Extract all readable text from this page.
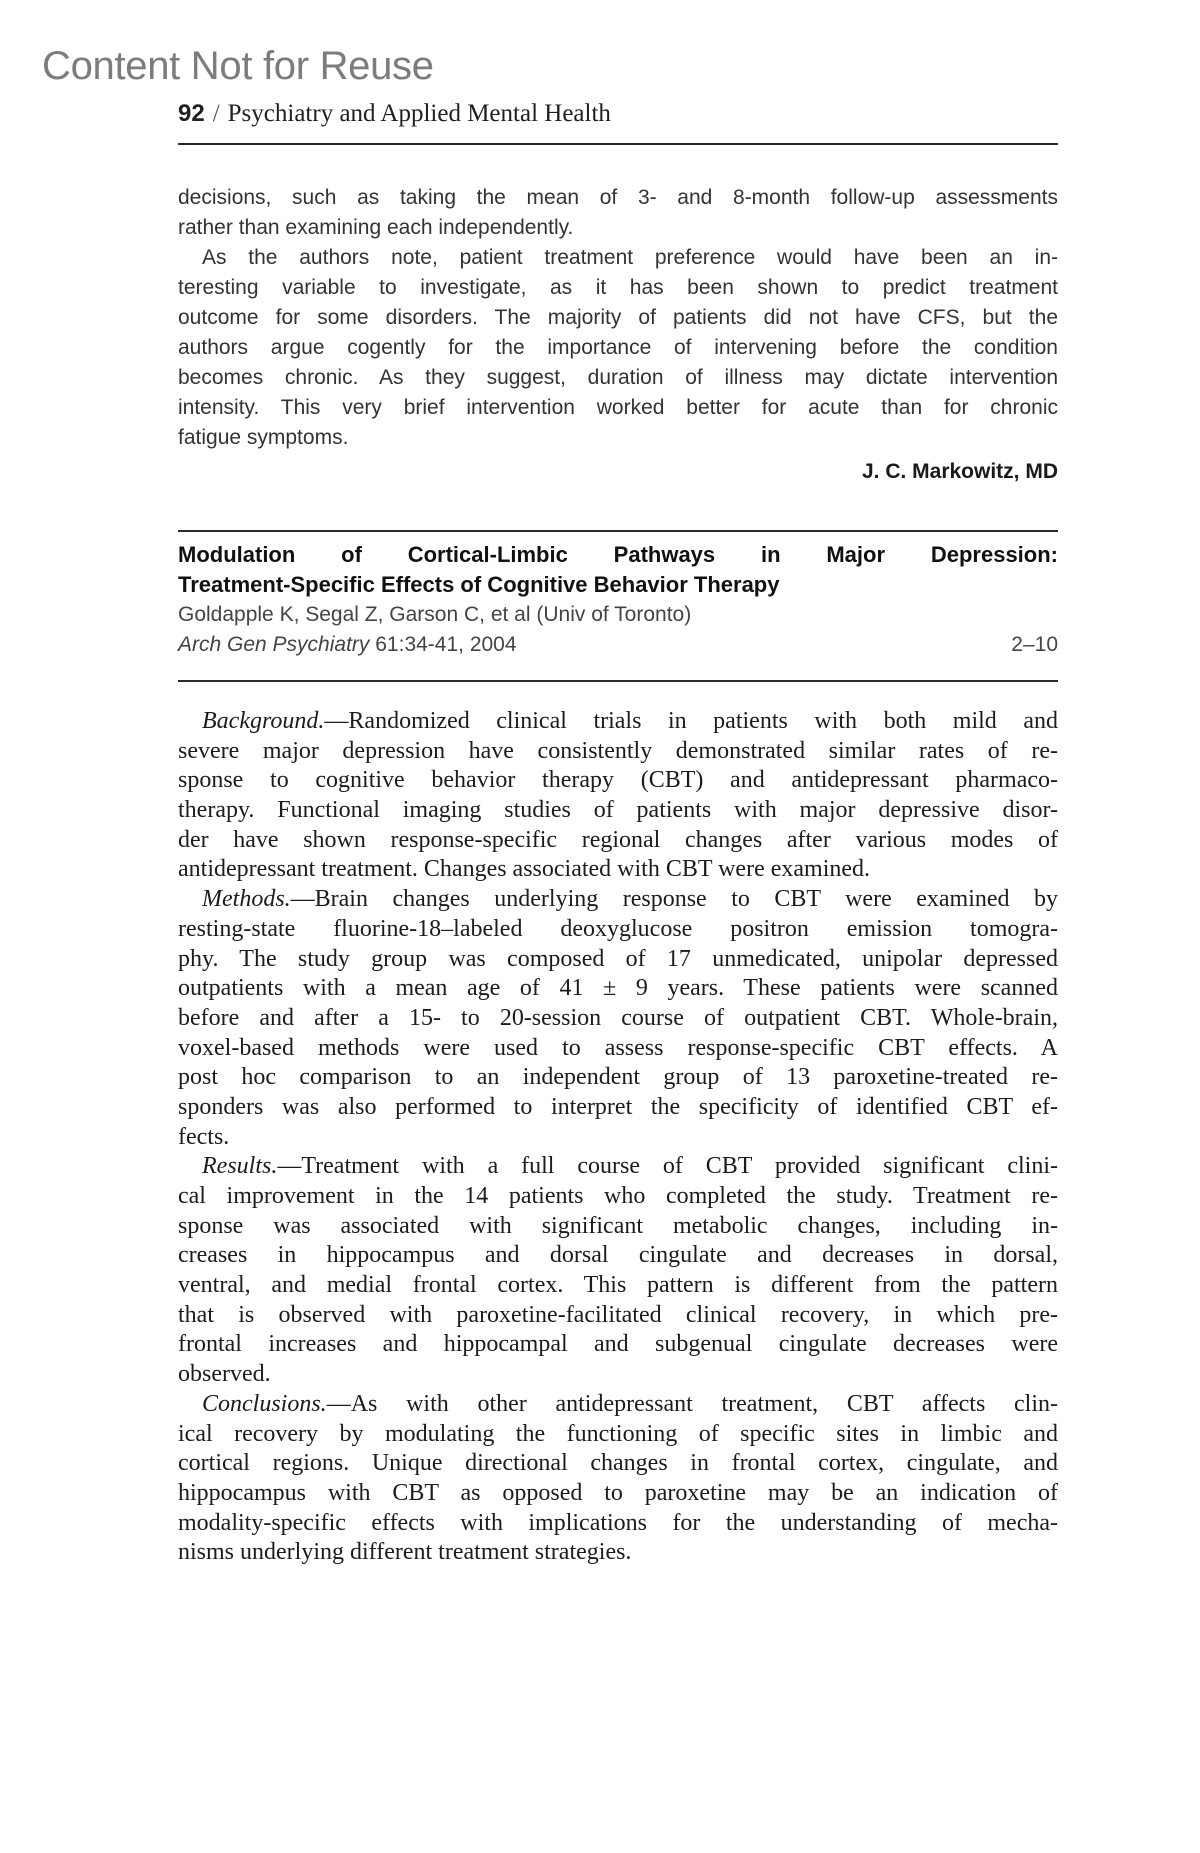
Content Not for Reuse
92 / Psychiatry and Applied Mental Health
decisions, such as taking the mean of 3- and 8-month follow-up assessments
rather than examining each independently.
As the authors note, patient treatment preference would have been an in-
teresting variable to investigate, as it has been shown to predict treatment
outcome for some disorders. The majority of patients did not have CFS, but the
authors argue cogently for the importance of intervening before the condition
becomes chronic. As they suggest, duration of illness may dictate intervention
intensity. This very brief intervention worked better for acute than for chronic
fatigue symptoms.
J. C. Markowitz, MD
Modulation of Cortical-Limbic Pathways in Major Depression:
Treatment-Specific Effects of Cognitive Behavior Therapy
Goldapple K, Segal Z, Garson C, et al (Univ of Toronto)
Arch Gen Psychiatry 61:34-41, 2004	2–10
Background.—Randomized clinical trials in patients with both mild and
severe major depression have consistently demonstrated similar rates of re-
sponse to cognitive behavior therapy (CBT) and antidepressant pharmaco-
therapy. Functional imaging studies of patients with major depressive disor-
der have shown response-specific regional changes after various modes of
antidepressant treatment. Changes associated with CBT were examined.
Methods.—Brain changes underlying response to CBT were examined by
resting-state fluorine-18–labeled deoxyglucose positron emission tomogra-
phy. The study group was composed of 17 unmedicated, unipolar depressed
outpatients with a mean age of 41 ± 9 years. These patients were scanned
before and after a 15- to 20-session course of outpatient CBT. Whole-brain,
voxel-based methods were used to assess response-specific CBT effects. A
post hoc comparison to an independent group of 13 paroxetine-treated re-
sponders was also performed to interpret the specificity of identified CBT ef-
fects.
Results.—Treatment with a full course of CBT provided significant clini-
cal improvement in the 14 patients who completed the study. Treatment re-
sponse was associated with significant metabolic changes, including in-
creases in hippocampus and dorsal cingulate and decreases in dorsal,
ventral, and medial frontal cortex. This pattern is different from the pattern
that is observed with paroxetine-facilitated clinical recovery, in which pre-
frontal increases and hippocampal and subgenual cingulate decreases were
observed.
Conclusions.—As with other antidepressant treatment, CBT affects clin-
ical recovery by modulating the functioning of specific sites in limbic and
cortical regions. Unique directional changes in frontal cortex, cingulate, and
hippocampus with CBT as opposed to paroxetine may be an indication of
modality-specific effects with implications for the understanding of mecha-
nisms underlying different treatment strategies.
